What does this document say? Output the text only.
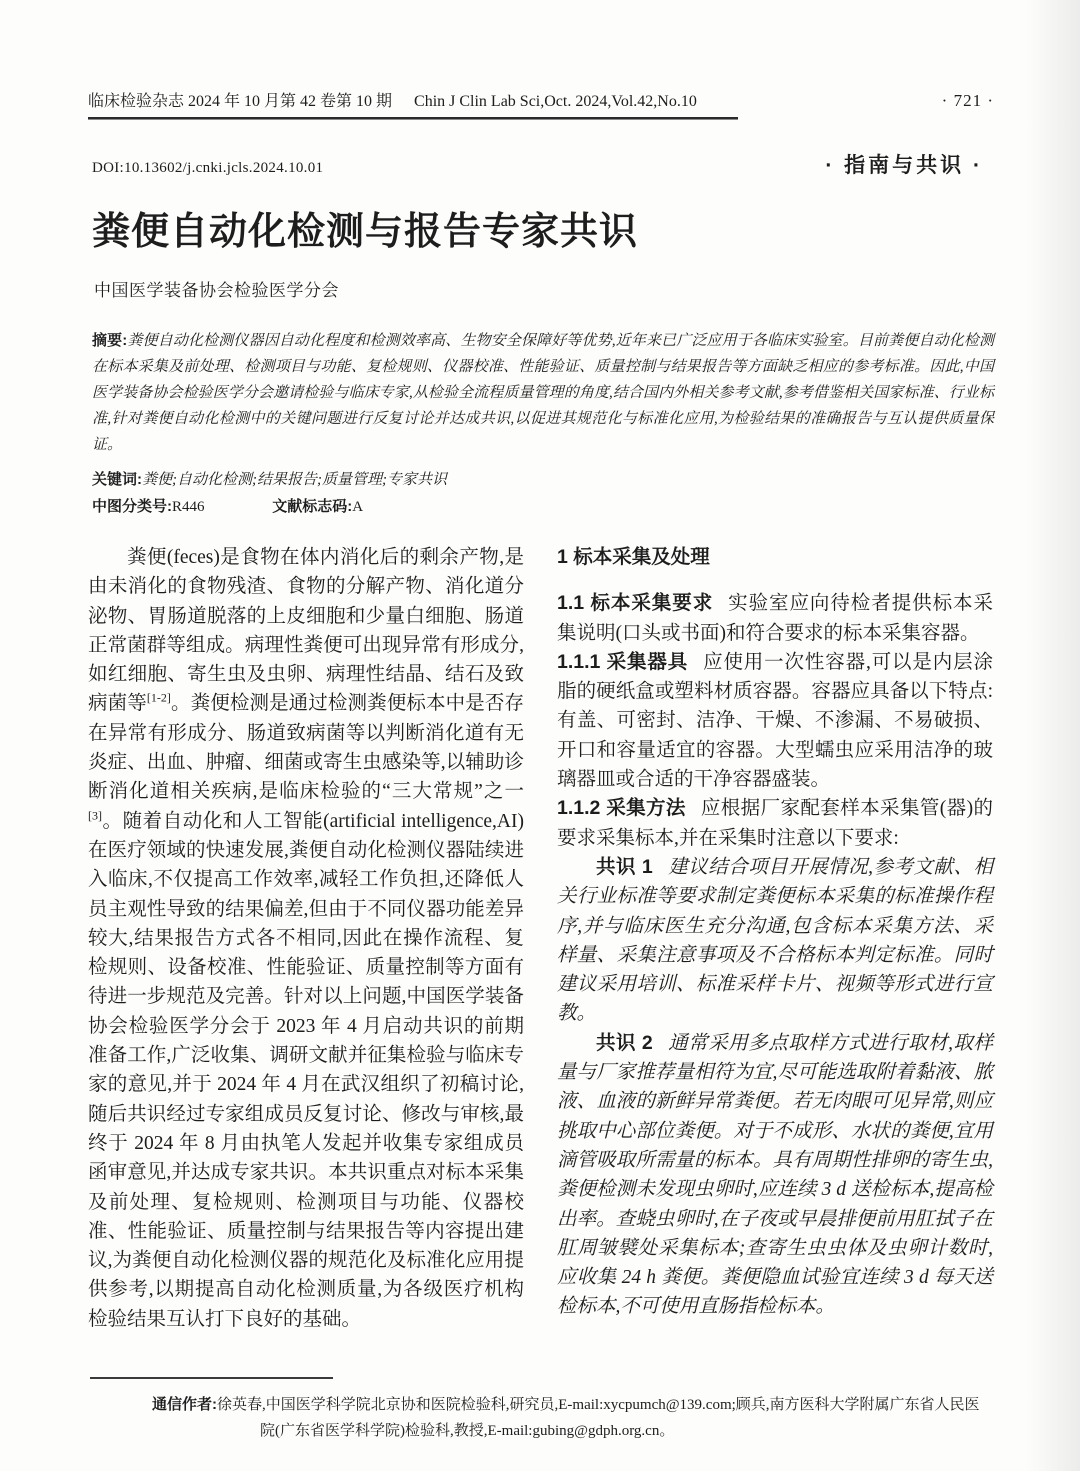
临床检验杂志 2024 年 10 月第 42 卷第 10 期 Chin J Clin Lab Sci,Oct. 2024,Vol.42,No.10	· 721 ·
DOI:10.13602/j.cnki.jcls.2024.10.01	· 指南与共识 ·
粪便自动化检测与报告专家共识
中国医学装备协会检验医学分会
摘要:粪便自动化检测仪器因自动化程度和检测效率高、生物安全保障好等优势,近年来已广泛应用于各临床实验室。目前粪便自动化检测在标本采集及前处理、检测项目与功能、复检规则、仪器校准、性能验证、质量控制与结果报告等方面缺乏相应的参考标准。因此,中国医学装备协会检验医学分会邀请检验与临床专家,从检验全流程质量管理的角度,结合国内外相关参考文献,参考借鉴相关国家标准、行业标准,针对粪便自动化检测中的关键问题进行反复讨论并达成共识,以促进其规范化与标准化应用,为检验结果的准确报告与互认提供质量保证。
关键词:粪便;自动化检测;结果报告;质量管理;专家共识
中图分类号:R446	文献标志码:A

粪便(feces)是食物在体内消化后的剩余产物,是由未消化的食物残渣、食物的分解产物、消化道分泌物、胃肠道脱落的上皮细胞和少量白细胞、肠道正常菌群等组成。病理性粪便可出现异常有形成分,如红细胞、寄生虫及虫卵、病理性结晶、结石及致病菌等[1-2]。粪便检测是通过检测粪便标本中是否存在异常有形成分、肠道致病菌等以判断消化道有无炎症、出血、肿瘤、细菌或寄生虫感染等,以辅助诊断消化道相关疾病,是临床检验的“三大常规”之一[3]。随着自动化和人工智能(artificial intelligence,AI)在医疗领域的快速发展,粪便自动化检测仪器陆续进入临床,不仅提高工作效率,减轻工作负担,还降低人员主观性导致的结果偏差,但由于不同仪器功能差异较大,结果报告方式各不相同,因此在操作流程、复检规则、设备校准、性能验证、质量控制等方面有待进一步规范及完善。针对以上问题,中国医学装备协会检验医学分会于 2023 年 4 月启动共识的前期准备工作,广泛收集、调研文献并征集检验与临床专家的意见,并于 2024 年 4 月在武汉组织了初稿讨论,随后共识经过专家组成员反复讨论、修改与审核,最终于 2024 年 8 月由执笔人发起并收集专家组成员函审意见,并达成专家共识。本共识重点对标本采集及前处理、复检规则、检测项目与功能、仪器校准、性能验证、质量控制与结果报告等内容提出建议,为粪便自动化检测仪器的规范化及标准化应用提供参考,以期提高自动化检测质量,为各级医疗机构检验结果互认打下良好的基础。

1 标本采集及处理

1.1 标本采集要求 实验室应向待检者提供标本采集说明(口头或书面)和符合要求的标本采集容器。

1.1.1 采集器具 应使用一次性容器,可以是内层涂脂的硬纸盒或塑料材质容器。容器应具备以下特点:有盖、可密封、洁净、干燥、不渗漏、不易破损、开口和容量适宜的容器。大型蠕虫应采用洁净的玻璃器皿或合适的干净容器盛装。

1.1.2 采集方法 应根据厂家配套样本采集管(器)的要求采集标本,并在采集时注意以下要求:

共识 1 建议结合项目开展情况,参考文献、相关行业标准等要求制定粪便标本采集的标准操作程序,并与临床医生充分沟通,包含标本采集方法、采样量、采集注意事项及不合格标本判定标准。同时建议采用培训、标准采样卡片、视频等形式进行宣教。

共识 2 通常采用多点取样方式进行取材,取样量与厂家推荐量相符为宜,尽可能选取附着黏液、脓液、血液的新鲜异常粪便。若无肉眼可见异常,则应挑取中心部位粪便。对于不成形、水状的粪便,宜用滴管吸取所需量的标本。具有周期性排卵的寄生虫,粪便检测未发现虫卵时,应连续 3 d 送检标本,提高检出率。查蛲虫卵时,在子夜或早晨排便前用肛拭子在肛周皱襞处采集标本;查寄生虫虫体及虫卵计数时,应收集 24 h 粪便。粪便隐血试验宜连续 3 d 每天送检标本,不可使用直肠指检标本。

通信作者:徐英春,中国医学科学院北京协和医院检验科,研究员,E-mail:xycpumch@139.com;顾兵,南方医科大学附属广东省人民医
院(广东省医学科学院)检验科,教授,E-mail:gubing@gdph.org.cn。
